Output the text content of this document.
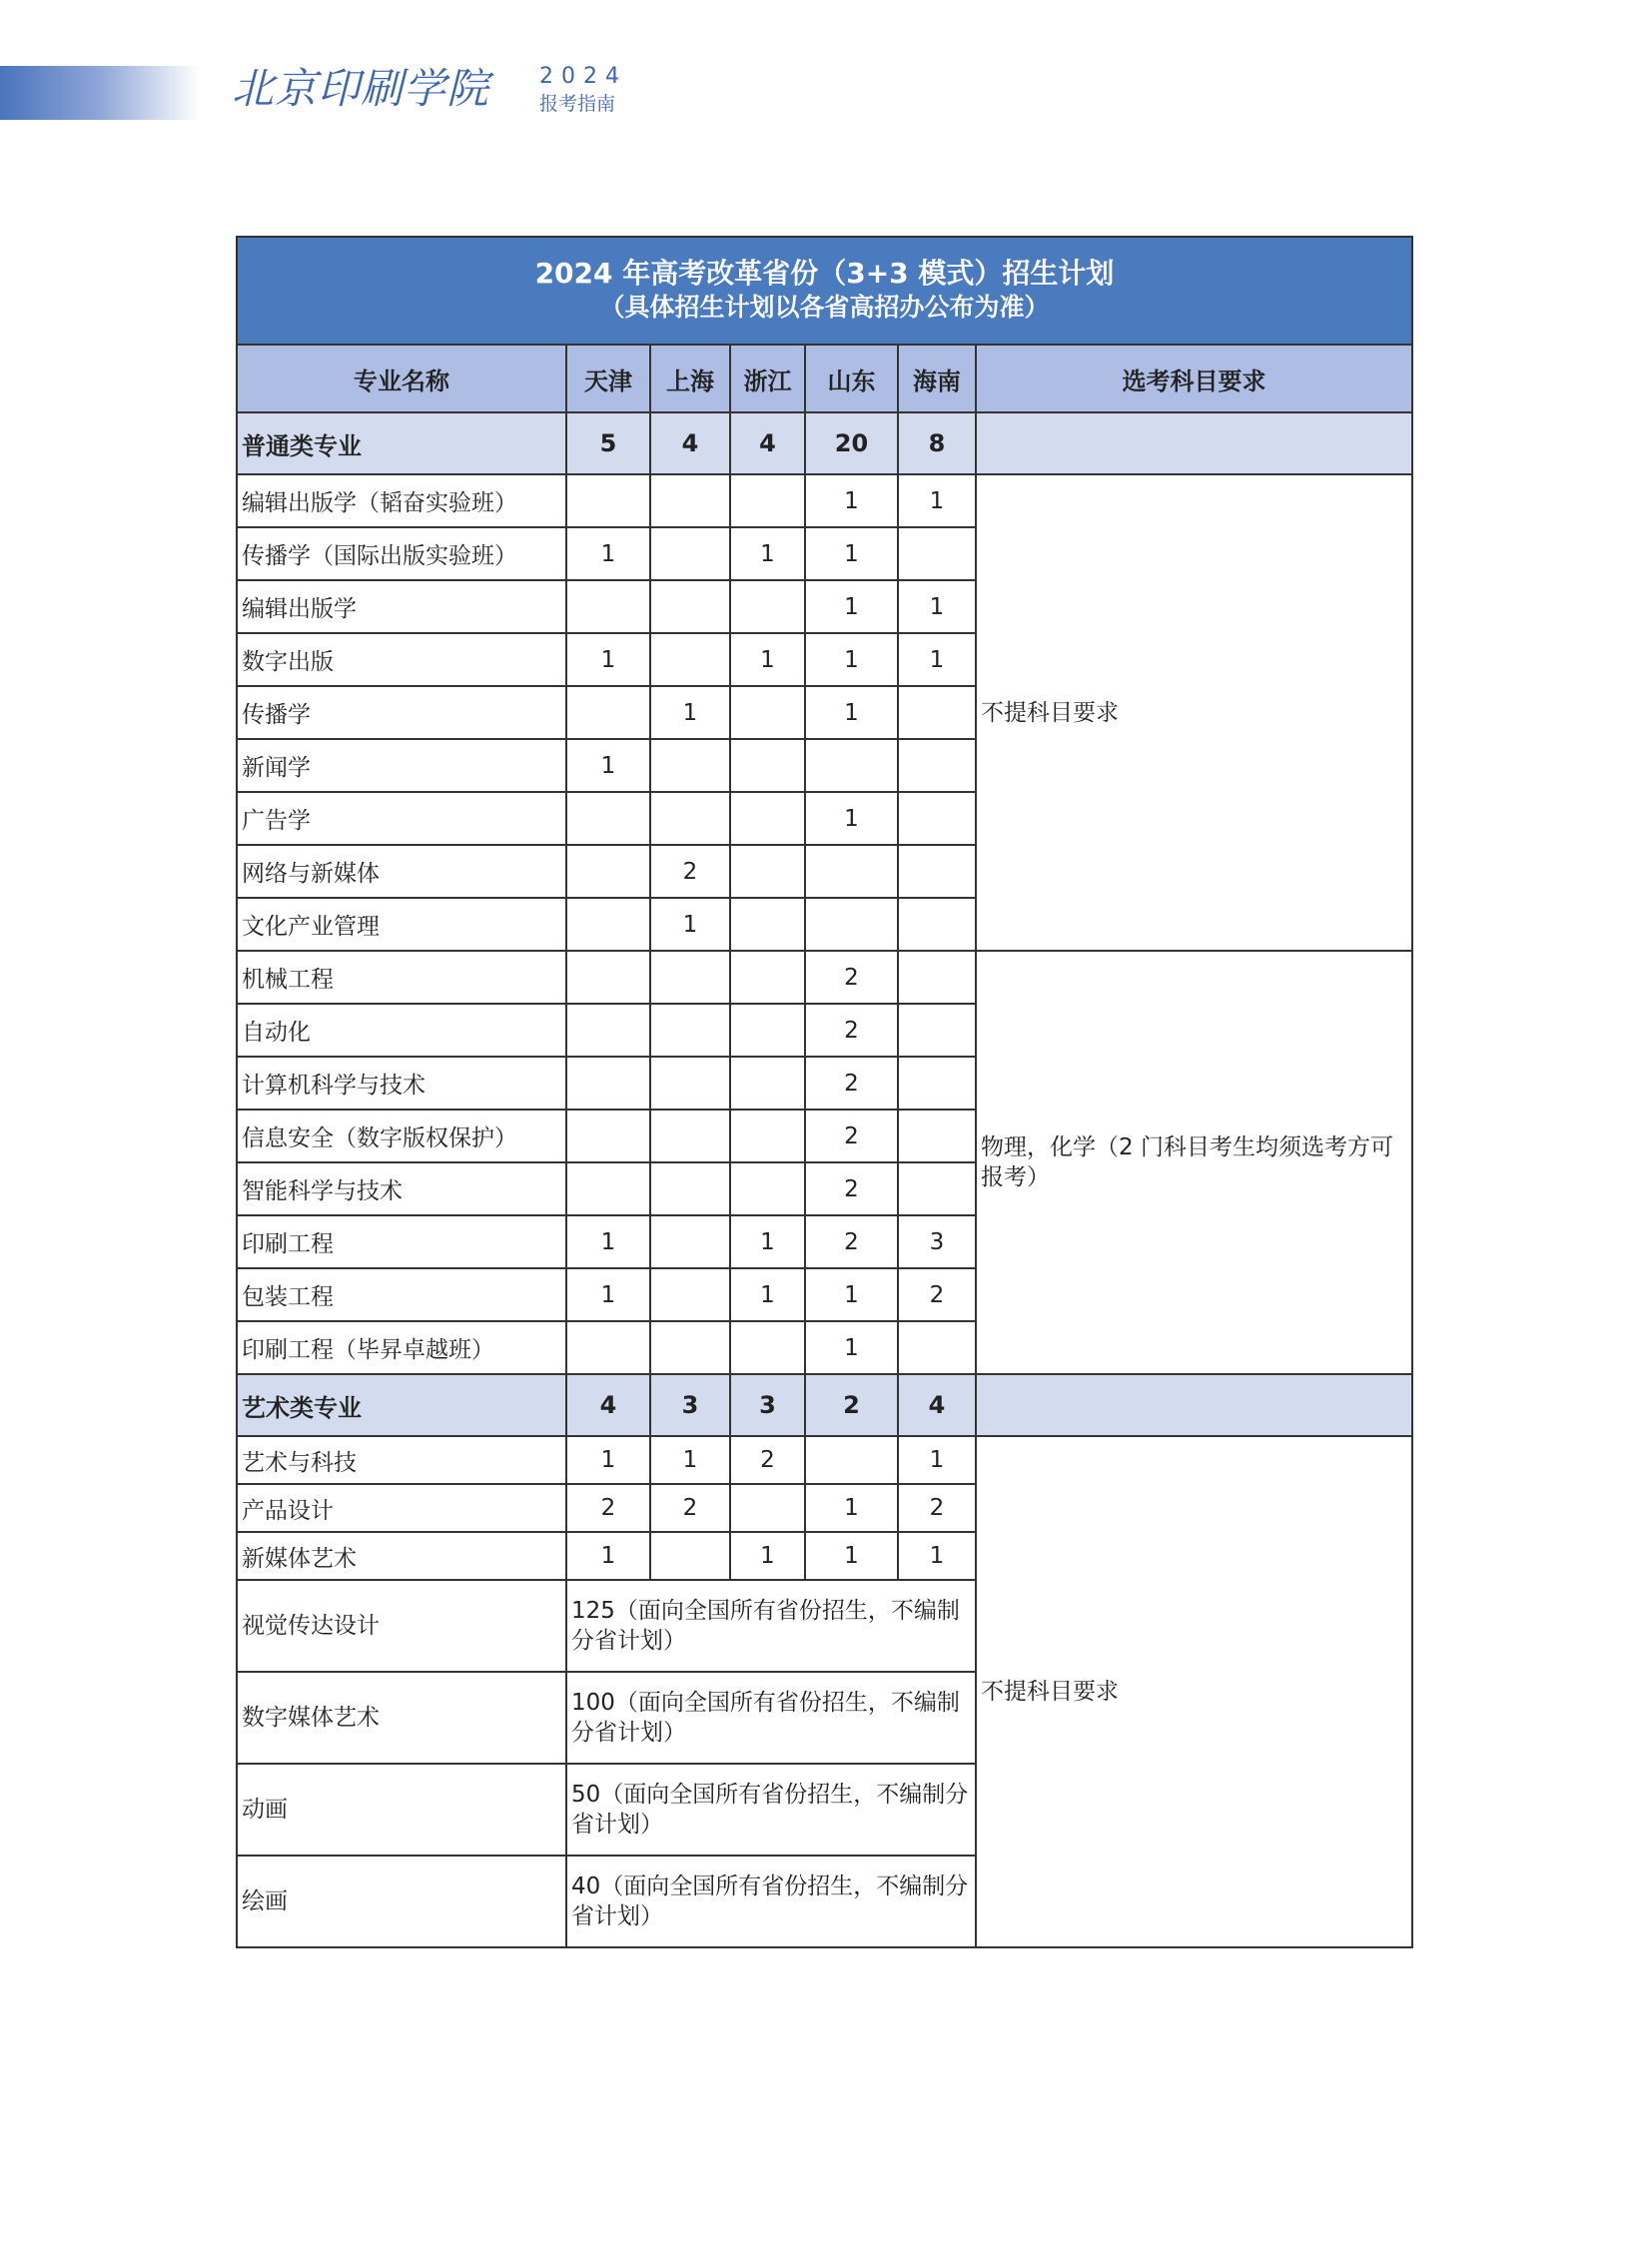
北京印刷学院 2024
报考指南
2024 年高考改革省份（3+3 模式）招生计划
（具体招生计划以各省高招办公布为准）						

专业名称	天津	上海	浙江	山东	海南	选考科目要求
普通类专业	5	4	4	20	8	
编辑出版学（韬奋实验班）				1	1	不提科目要求
传播学（国际出版实验班）	1		1	1		
编辑出版学				1	1	
数字出版	1		1	1	1	
传播学		1		1		
新闻学	1					
广告学				1		
网络与新媒体		2				
文化产业管理		1				
机械工程				2		物理，化学（2 门科目考生均须选考方可报考）
自动化				2		
计算机科学与技术				2		
信息安全（数字版权保护）				2		
智能科学与技术				2		
印刷工程	1		1	2	3	
包装工程	1		1	1	2	
印刷工程（毕昇卓越班）				1		
艺术类专业	4	3	3	2	4	
艺术与科技	1	1	2		1	不提科目要求
产品设计	2	2		1	2	
新媒体艺术	1		1	1	1	
视觉传达设计	125（面向全国所有省份招生，不编制分省计划）					
数字媒体艺术	100（面向全国所有省份招生，不编制分省计划）					
动画	50（面向全国所有省份招生，不编制分省计划）					
绘画	40（面向全国所有省份招生，不编制分省计划）					
